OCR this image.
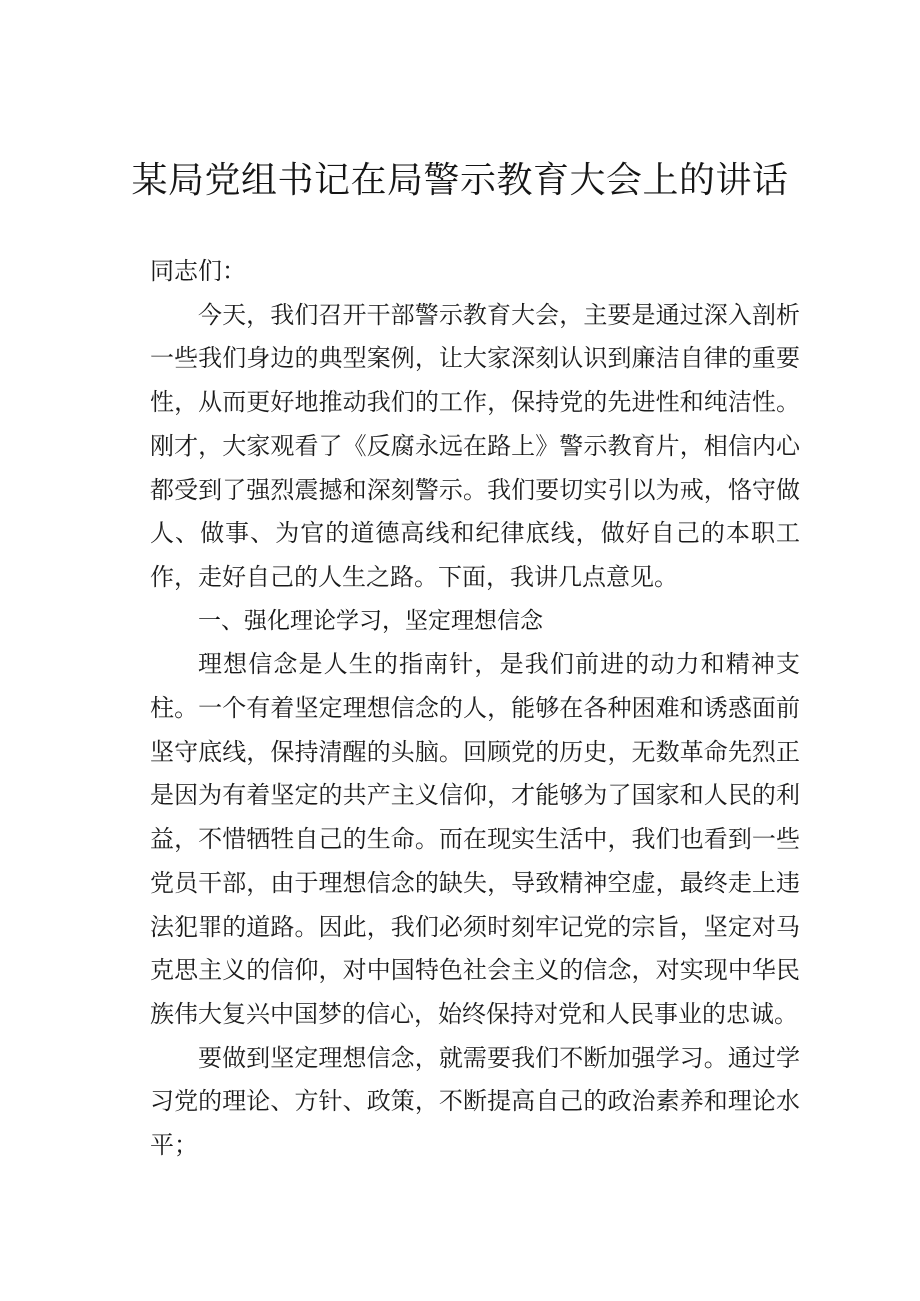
某局党组书记在局警示教育大会上的讲话

同志们：

今天，我们召开干部警示教育大会，主要是通过深入剖析一些我们身边的典型案例，让大家深刻认识到廉洁自律的重要性，从而更好地推动我们的工作，保持党的先进性和纯洁性。刚才，大家观看了《反腐永远在路上》警示教育片，相信内心都受到了强烈震撼和深刻警示。我们要切实引以为戒，恪守做人、做事、为官的道德高线和纪律底线，做好自己的本职工作，走好自己的人生之路。下面，我讲几点意见。

一、强化理论学习，坚定理想信念

理想信念是人生的指南针，是我们前进的动力和精神支柱。一个有着坚定理想信念的人，能够在各种困难和诱惑面前坚守底线，保持清醒的头脑。回顾党的历史，无数革命先烈正是因为有着坚定的共产主义信仰，才能够为了国家和人民的利益，不惜牺牲自己的生命。而在现实生活中，我们也看到一些党员干部，由于理想信念的缺失，导致精神空虚，最终走上违法犯罪的道路。因此，我们必须时刻牢记党的宗旨，坚定对马克思主义的信仰，对中国特色社会主义的信念，对实现中华民族伟大复兴中国梦的信心，始终保持对党和人民事业的忠诚。

要做到坚定理想信念，就需要我们不断加强学习。通过学习党的理论、方针、政策，不断提高自己的政治素养和理论水平；
